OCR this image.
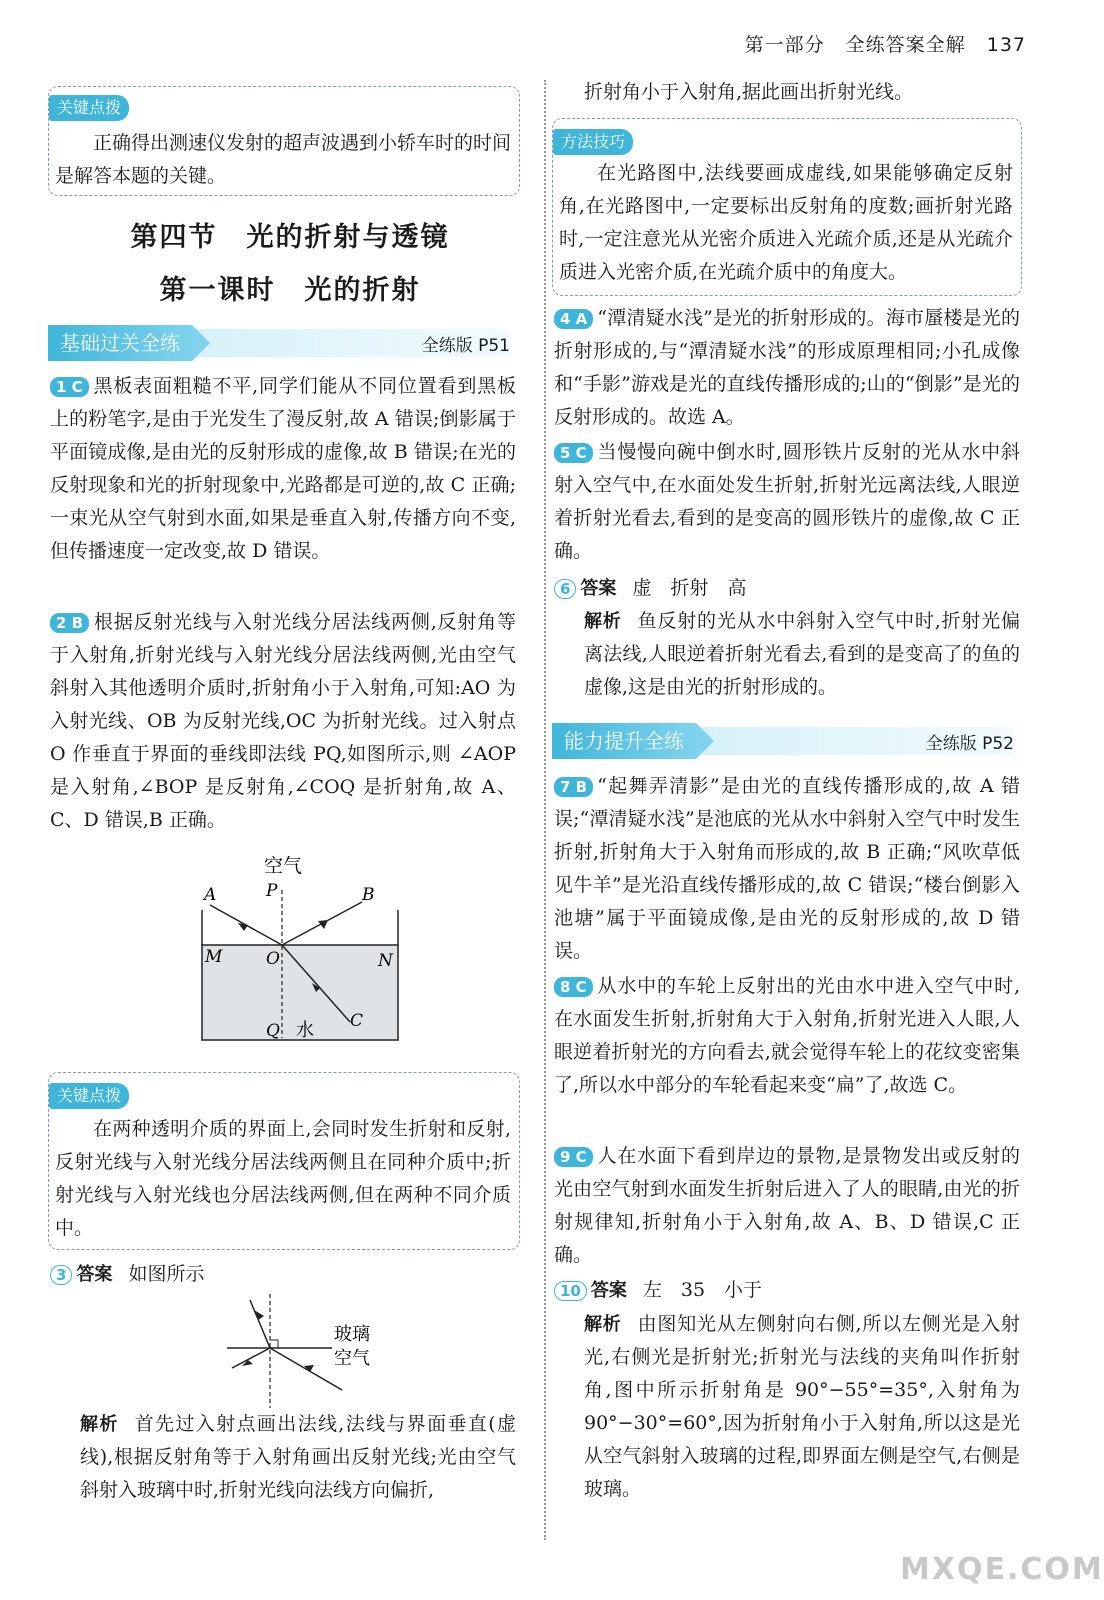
第一部分 全练答案全解 137
关键点拨
正确得出测速仪发射的超声波遇到小轿车时的时间是解答本题的关键。
第四节　光的折射与透镜
第一课时　光的折射
基础过关全练	全练版 P51
1 C 黑板表面粗糙不平,同学们能从不同位置看到黑板上的粉笔字,是由于光发生了漫反射,故 A 错误;倒影属于平面镜成像,是由光的反射形成的虚像,故 B 错误;在光的反射现象和光的折射现象中,光路都是可逆的,故 C 正确;一束光从空气射到水面,如果是垂直入射,传播方向不变,但传播速度一定改变,故 D 错误。
2 B 根据反射光线与入射光线分居法线两侧,反射角等于入射角,折射光线与入射光线分居法线两侧,光由空气斜射入其他透明介质时,折射角小于入射角,可知:AO 为入射光线、OB 为反射光线,OC 为折射光线。过入射点 O 作垂直于界面的垂线即法线 PQ,如图所示,则 ∠AOP 是入射角,∠BOP 是反射角,∠COQ 是折射角,故 A、C、D 错误,B 正确。
空气
A	P	B
M	O	N
C
Q 水
关键点拨
在两种透明介质的界面上,会同时发生折射和反射,反射光线与入射光线分居法线两侧且在同种介质中;折射光线与入射光线也分居法线两侧,但在两种不同介质中。
3 答案 如图所示
玻璃
空气
解析 首先过入射点画出法线,法线与界面垂直(虚线),根据反射角等于入射角画出反射光线;光由空气斜射入玻璃中时,折射光线向法线方向偏折,
折射角小于入射角,据此画出折射光线。
方法技巧
在光路图中,法线要画成虚线,如果能够确定反射角,在光路图中,一定要标出反射角的度数;画折射光路时,一定注意光从光密介质进入光疏介质,还是从光疏介质进入光密介质,在光疏介质中的角度大。
4 A “潭清疑水浅”是光的折射形成的。海市蜃楼是光的折射形成的,与“潭清疑水浅”的形成原理相同;小孔成像和“手影”游戏是光的直线传播形成的;山的“倒影”是光的反射形成的。故选 A。
5 C 当慢慢向碗中倒水时,圆形铁片反射的光从水中斜射入空气中,在水面处发生折射,折射光远离法线,人眼逆着折射光看去,看到的是变高的圆形铁片的虚像,故 C 正确。
6 答案 虚　折射　高
解析 鱼反射的光从水中斜射入空气中时,折射光偏离法线,人眼逆着折射光看去,看到的是变高了的鱼的虚像,这是由光的折射形成的。
能力提升全练	全练版 P52
7 B “起舞弄清影”是由光的直线传播形成的,故 A 错误;“潭清疑水浅”是池底的光从水中斜射入空气中时发生折射,折射角大于入射角而形成的,故 B 正确;“风吹草低见牛羊”是光沿直线传播形成的,故 C 错误;“楼台倒影入池塘”属于平面镜成像,是由光的反射形成的,故 D 错误。
8 C 从水中的车轮上反射出的光由水中进入空气中时,在水面发生折射,折射角大于入射角,折射光进入人眼,人眼逆着折射光的方向看去,就会觉得车轮上的花纹变密集了,所以水中部分的车轮看起来变“扁”了,故选 C。
9 C 人在水面下看到岸边的景物,是景物发出或反射的光由空气射到水面发生折射后进入了人的眼睛,由光的折射规律知,折射角小于入射角,故 A、B、D 错误,C 正确。
10 答案 左　35　小于
解析 由图知光从左侧射向右侧,所以左侧光是入射光,右侧光是折射光;折射光与法线的夹角叫作折射角,图中所示折射角是 90°−55°=35°,入射角为 90°−30°=60°,因为折射角小于入射角,所以这是光从空气斜射入玻璃的过程,即界面左侧是空气,右侧是玻璃。
MXQE.COM
